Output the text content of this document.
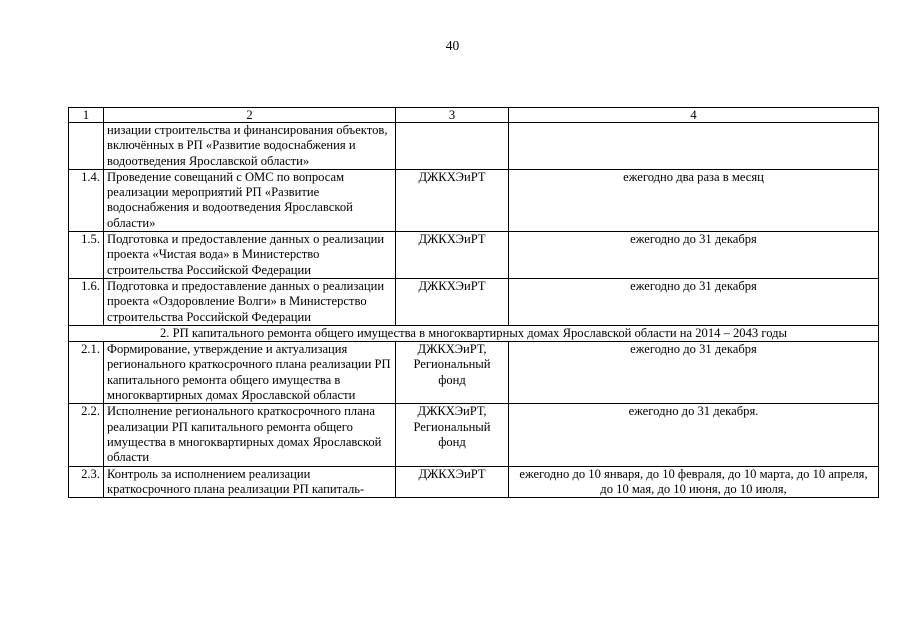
40
1	2	3	4
	низации строительства и финансирования объектов, включённых в РП «Развитие водоснабжения и водоотведения Ярославской области»		
1.4.	Проведение совещаний с ОМС по вопросам реализации мероприятий РП «Развитие водоснабжения и водоотведения Ярославской области»	ДЖКХЭиРТ	ежегодно два раза в месяц
1.5.	Подготовка и предоставление данных о реализации проекта «Чистая вода» в Министерство строительства Российской Федерации	ДЖКХЭиРТ	ежегодно до 31 декабря
1.6.	Подготовка и предоставление данных о реализации проекта «Оздоровление Волги» в Министерство строительства Российской Федерации	ДЖКХЭиРТ	ежегодно до 31 декабря
2. РП капитального ремонта общего имущества в многоквартирных домах Ярославской области на 2014 – 2043 годы			
2.1.	Формирование, утверждение и актуализация регионального краткосрочного плана реализации РП капитального ремонта общего имущества в многоквартирных домах Ярославской области	ДЖКХЭиРТ, Региональный фонд	ежегодно до 31 декабря
2.2.	Исполнение регионального краткосрочного плана реализации РП капитального ремонта общего имущества в многоквартирных домах Ярославской области	ДЖКХЭиРТ, Региональный фонд	ежегодно до 31 декабря.
2.3.	Контроль за исполнением реализации краткосрочного плана реализации РП капиталь-	ДЖКХЭиРТ	ежегодно до 10 января, до 10 февраля, до 10 марта, до 10 апреля, до 10 мая, до 10 июня, до 10 июля,
